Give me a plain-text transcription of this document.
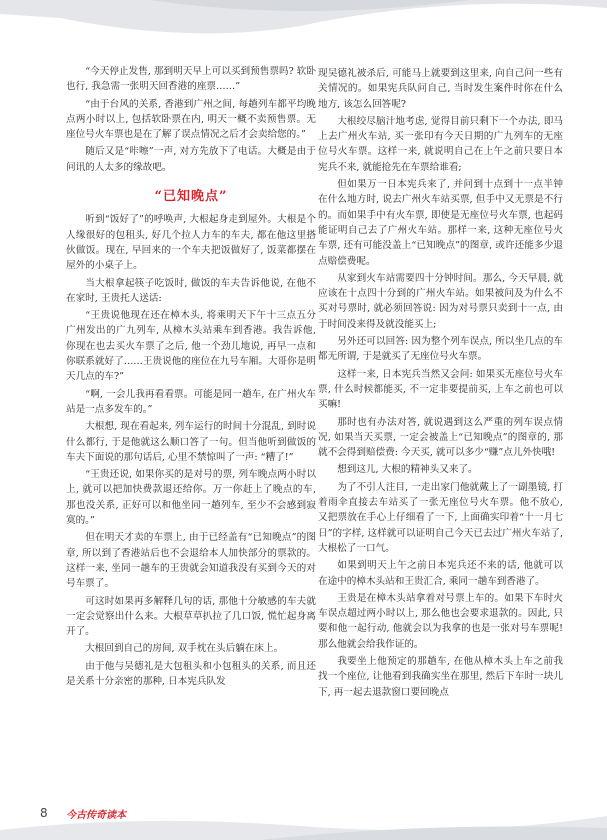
“今天停止发售, 那到明天早上可以买到预售票吗? 软卧也行, 我急需一张明天回香港的座票……”

“由于台风的关系, 香港到广州之间, 每趟列车都平均晚点两小时以上, 包括软卧票在内, 明天一概不卖预售票。无座位号火车票也是在了解了误点情况之后才会卖给您的。”

随后又是“咔嚓”一声, 对方先放下了电话。大概是由于问讯的人太多的缘故吧。

“已知晚点”

听到“饭好了”的呼唤声, 大根起身走到屋外。大根是个人缘很好的包租头, 好几个拉人力车的车夫, 都在他这里搭伙做饭。现在, 早回来的一个车夫把饭做好了, 饭菜都摆在屋外的小桌子上。

当大根拿起筷子吃饭时, 做饭的车夫告诉他说, 在他不在家时, 王贵托人送话:

“王贵说他现在还在樟木头, 将乘明天下午十三点五分广州发出的广九列车, 从樟木头站乘车到香港。我告诉他, 你现在也去买火车票了之后, 他一个劲儿地说, 再早一点和你联系就好了……王贵说他的座位在九号车厢。大哥你是明天几点的车?”

“啊, 一会儿我再看看票。可能是同一趟车, 在广州火车站是一点多发车的。”

大根想, 现在看起来, 列车运行的时间十分混乱, 到时说什么都行, 于是他就这么顺口答了一句。但当他听到做饭的车夫下面说的那句话后, 心里不禁惊叫了一声: “糟了!”

“王贵还说, 如果你买的是对号的票, 列车晚点两小时以上, 就可以把加快费款退还给你。万一你赶上了晚点的车, 那也没关系, 正好可以和他坐同一趟列车, 至少不会感到寂寞的。”

但在明天才卖的车票上, 由于已经盖有“已知晚点”的图章, 所以到了香港站后也不会退给本人加快部分的票款的。这样一来, 坐同一趟车的王贵就会知道我没有买到今天的对号车票了。

可这时如果再多解释几句的话, 那他十分敏感的车夫就一定会觉察出什么来。大根草草扒拉了几口饭, 慌忙起身离开了。

大根回到自己的房间, 双手枕在头后躺在床上。

由于他与吴德礼是大包租头和小包租头的关系, 而且还是关系十分亲密的那种, 日本宪兵队发

现吴德礼被杀后, 可能马上就要到这里来, 向自己问一些有关情况的。如果宪兵队问自己, 当时发生案件时你在什么地方, 该怎么回答呢?

大根绞尽脑汁地考虑, 觉得目前只剩下一个办法, 即马上去广州火车站, 买一张印有今天日期的广九列车的无座位号火车票。这样一来, 就说明自己在上午之前只要日本宪兵不来, 就能抢先在车票给谁看;

但如果万一日本宪兵来了, 并问到十点到十一点半钟在什么地方时, 说去广州火车站买票, 但手中又无票是不行的。而如果手中有火车票, 即使是无座位号火车票, 也起码能证明自己去了广州火车站。那样一来, 这种无座位号火车票, 还有可能没盖上“已知晚点”的图章, 或许还能多少退点赔偿费呢。

从家到火车站需要四十分钟时间。那么, 今天早晨, 就应该在十点四十分到的广州火车站。如果被问及为什么不买对号票时, 就必须回答说: 因为对号票只卖到十一点, 由于时间没来得及就没能买上;

另外还可以回答: 因为整个列车误点, 所以坐几点的车都无所谓, 于是就买了无座位号火车票。

这样一来, 日本宪兵当然又会问: 如果买无座位号火车票, 什么时候都能买, 不一定非要提前买, 上车之前也可以买嘛!

那时也有办法对答, 就说遇到这么严重的列车误点情况, 如果当天买票, 一定会被盖上“已知晚点”的图章的, 那就不会得到赔偿费: 今天买, 就可以多少“赚”点儿外快哦!

想到这儿, 大根的精神头又来了。

为了不引人注目, 一走出家门他就戴上了一副墨镜, 打着雨伞直接去车站买了一张无座位号火车票。他不放心, 又把票放在手心上仔细看了一下, 上面确实印着“十一月七日”的字样, 这样就可以证明自己今天已去过广州火车站了, 大根松了一口气。

如果到明天上午之前日本宪兵还不来的话, 他就可以在途中的樟木头站和王贵汇合, 乘同一趟车到香港了。

王贵是在樟木头站拿着对号票上车的。如果下车时火车误点超过两小时以上, 那么他也会要求退款的。因此, 只要和他一起行动, 他就会以为我拿的也是一张对号车票呢! 那么他就会给我作证的。

我要坐上他预定的那趟车, 在他从樟木头上车之前我找一个座位, 让他看到我确实坐在那里, 然后下车时一块儿下, 再一起去退款窗口要回晚点

8 今古传奇读本
